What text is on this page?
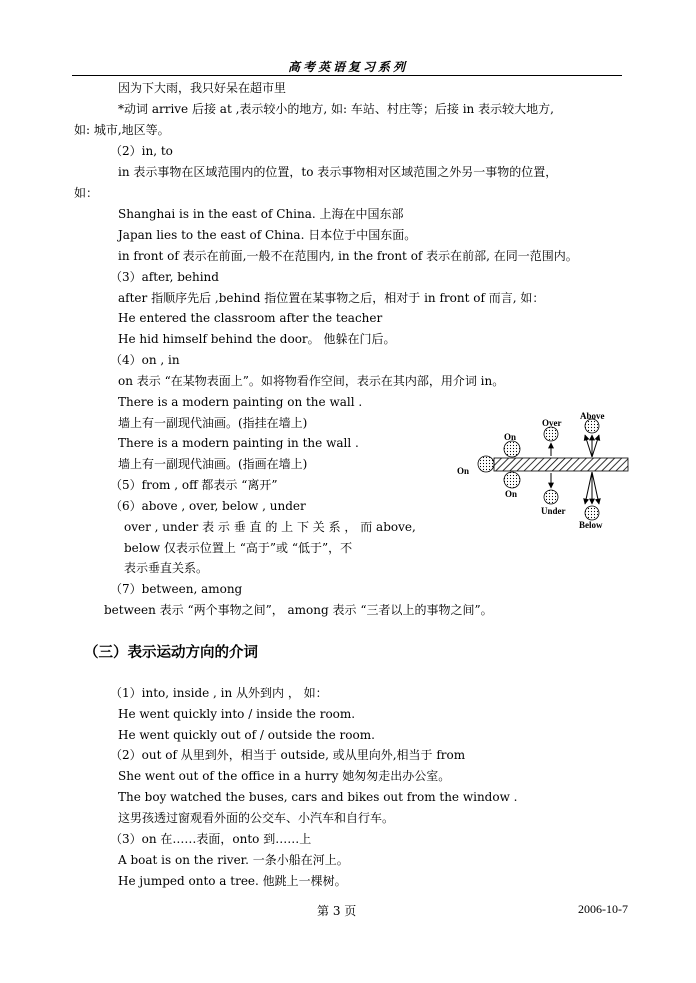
高考英语复习系列
因为下大雨，我只好呆在超市里
*动词 arrive 后接 at ,表示较小的地方, 如: 车站、村庄等；后接 in 表示较大地方,
如: 城市,地区等。
（2）in, to
in 表示事物在区域范围内的位置，to 表示事物相对区域范围之外另一事物的位置，
如：
Shanghai is in the east of China. 上海在中国东部
Japan lies to the east of China. 日本位于中国东面。
in front of 表示在前面,一般不在范围内, in the front of 表示在前部, 在同一范围内。
（3）after, behind
after 指顺序先后 ,behind 指位置在某事物之后，相对于 in front of 而言, 如：
He entered the classroom after the teacher
He hid himself behind the door。 他躲在门后。
（4）on , in
on 表示 “在某物表面上”。如将物看作空间，表示在其内部，用介词 in。
There is a modern painting on the wall .
墙上有一副现代油画。(指挂在墙上)
There is a modern painting in the wall .
墙上有一副现代油画。(指画在墙上)
（5）from , off 都表示 “离开”
（6）above , over, below , under
over , under 表 示 垂 直 的 上 下 关 系 ， 而 above,
below 仅表示位置上 “高于”或 “低于”，不
表示垂直关系。
（7）between, among
between 表示 “两个事物之间”， among 表示 “三者以上的事物之间”。
（1）into, inside , in 从外到内 ， 如：
He went quickly into / inside the room.
He went quickly out of / outside the room.
（2）out of 从里到外，相当于 outside, 或从里向外,相当于 from
She went out of the office in a hurry 她匆匆走出办公室。
The boy watched the buses, cars and bikes out from the window .
这男孩透过窗观看外面的公交车、小汽车和自行车。
（3）on 在……表面，onto 到……上
A boat is on the river. 一条小船在河上。
He jumped onto a tree. 他跳上一棵树。
（三）表示运动方向的介词
Above
Over
On
On
On
Under
Below
第 3 页	2006-10-7
